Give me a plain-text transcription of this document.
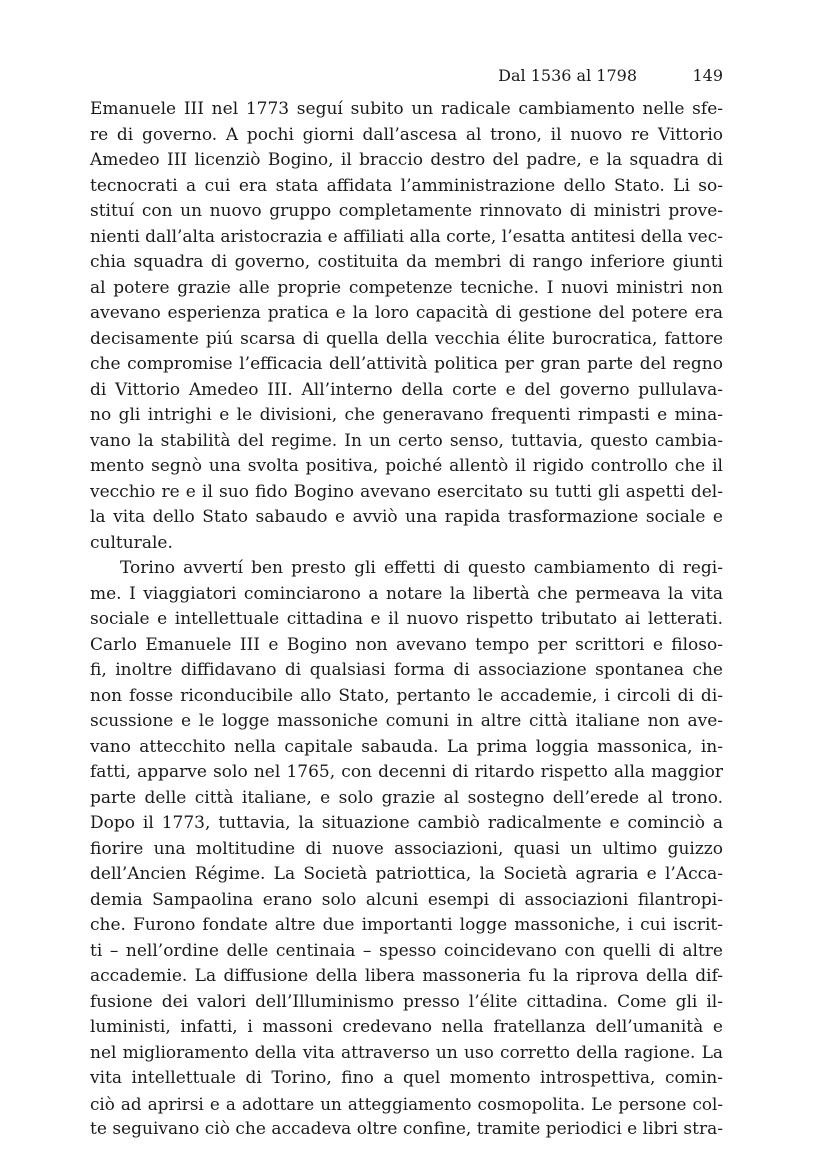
Dal 1536 al 1798	149
Emanuele III nel 1773 seguí subito un radicale cambiamento nelle sfe-
re di governo. A pochi giorni dall’ascesa al trono, il nuovo re Vittorio
Amedeo III licenziò Bogino, il braccio destro del padre, e la squadra di
tecnocrati a cui era stata affidata l’amministrazione dello Stato. Li so-
stituí con un nuovo gruppo completamente rinnovato di ministri prove-
nienti dall’alta aristocrazia e affiliati alla corte, l’esatta antitesi della vec-
chia squadra di governo, costituita da membri di rango inferiore giunti
al potere grazie alle proprie competenze tecniche. I nuovi ministri non
avevano esperienza pratica e la loro capacità di gestione del potere era
decisamente piú scarsa di quella della vecchia élite burocratica, fattore
che compromise l’efficacia dell’attività politica per gran parte del regno
di Vittorio Amedeo III. All’interno della corte e del governo pullulava-
no gli intrighi e le divisioni, che generavano frequenti rimpasti e mina-
vano la stabilità del regime. In un certo senso, tuttavia, questo cambia-
mento segnò una svolta positiva, poiché allentò il rigido controllo che il
vecchio re e il suo fido Bogino avevano esercitato su tutti gli aspetti del-
la vita dello Stato sabaudo e avviò una rapida trasformazione sociale e
culturale.
Torino avvertí ben presto gli effetti di questo cambiamento di regi-
me. I viaggiatori cominciarono a notare la libertà che permeava la vita
sociale e intellettuale cittadina e il nuovo rispetto tributato ai letterati.
Carlo Emanuele III e Bogino non avevano tempo per scrittori e filoso-
fi, inoltre diffidavano di qualsiasi forma di associazione spontanea che
non fosse riconducibile allo Stato, pertanto le accademie, i circoli di di-
scussione e le logge massoniche comuni in altre città italiane non ave-
vano attecchito nella capitale sabauda. La prima loggia massonica, in-
fatti, apparve solo nel 1765, con decenni di ritardo rispetto alla maggior
parte delle città italiane, e solo grazie al sostegno dell’erede al trono.
Dopo il 1773, tuttavia, la situazione cambiò radicalmente e cominciò a
fiorire una moltitudine di nuove associazioni, quasi un ultimo guizzo
dell’Ancien Régime. La Società patriottica, la Società agraria e l’Acca-
demia Sampaolina erano solo alcuni esempi di associazioni filantropi-
che. Furono fondate altre due importanti logge massoniche, i cui iscrit-
ti – nell’ordine delle centinaia – spesso coincidevano con quelli di altre
accademie. La diffusione della libera massoneria fu la riprova della dif-
fusione dei valori dell’Illuminismo presso l’élite cittadina. Come gli il-
luministi, infatti, i massoni credevano nella fratellanza dell’umanità e
nel miglioramento della vita attraverso un uso corretto della ragione. La
vita intellettuale di Torino, fino a quel momento introspettiva, comin-
ciò ad aprirsi e a adottare un atteggiamento cosmopolita. Le persone col-
te seguivano ciò che accadeva oltre confine, tramite periodici e libri stra-
